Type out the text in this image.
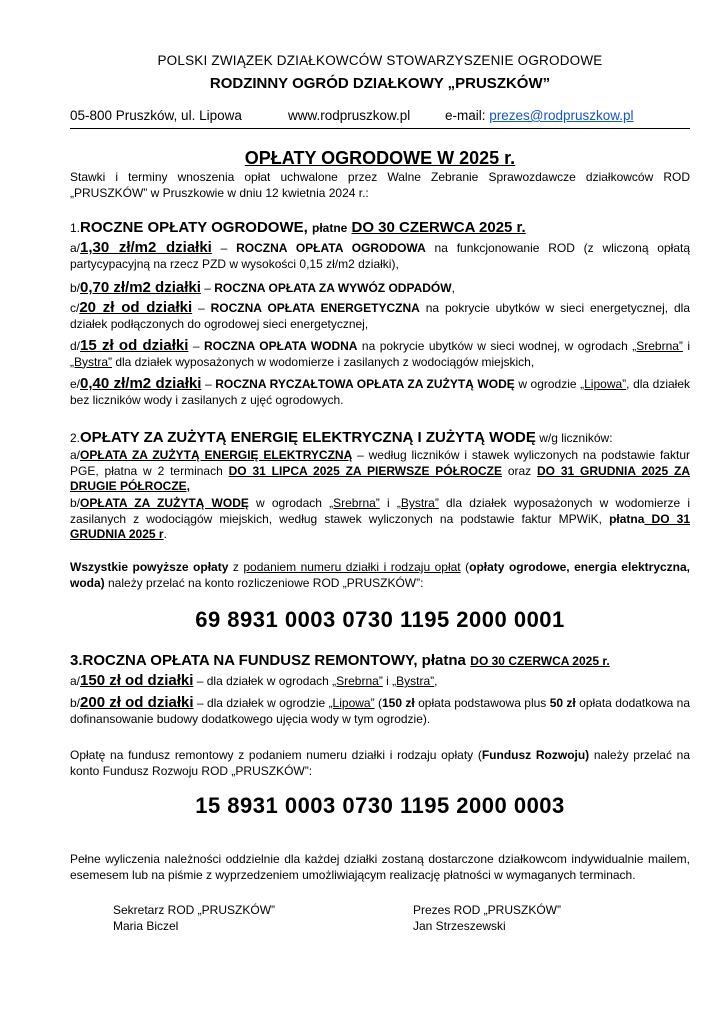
POLSKI ZWIĄZEK DZIAŁKOWCÓW STOWARZYSZENIE OGRODOWE
RODZINNY OGRÓD DZIAŁKOWY „PRUSZKÓW”
05-800 Pruszków, ul. Lipowa	www.rodpruszkow.pl	e-mail: prezes@rodpruszkow.pl
OPŁATY OGRODOWE W 2025 r.
Stawki i terminy wnoszenia opłat uchwalone przez Walne Zebranie Sprawozdawcze działkowców ROD „PRUSZKÓW” w Pruszkowie w dniu 12 kwietnia 2024 r.:
1.ROCZNE OPŁATY OGRODOWE, płatne DO 30 CZERWCA 2025 r.
a/1,30 zł/m2 działki – ROCZNA OPŁATA OGRODOWA na funkcjonowanie ROD (z wliczoną opłatą partycypacyjną na rzecz PZD w wysokości 0,15 zł/m2 działki),
b/0,70 zł/m2 działki – ROCZNA OPŁATA ZA WYWÓZ ODPADÓW,
c/20 zł od działki – ROCZNA OPŁATA ENERGETYCZNA na pokrycie ubytków w sieci energetycznej, dla działek podłączonych do ogrodowej sieci energetycznej,
d/15 zł od działki – ROCZNA OPŁATA WODNA na pokrycie ubytków w sieci wodnej, w ogrodach „Srebrna” i „Bystra” dla działek wyposażonych w wodomierze i zasilanych z wodociągów miejskich,
e/0,40 zł/m2 działki – ROCZNA RYCZAŁTOWA OPŁATA ZA ZUŻYTĄ WODĘ w ogrodzie „Lipowa”, dla działek bez liczników wody i zasilanych z ujęć ogrodowych.
2.OPŁATY ZA ZUŻYTĄ ENERGIĘ ELEKTRYCZNĄ I ZUŻYTĄ WODĘ w/g liczników:
a/OPŁATA ZA ZUŻYTĄ ENERGIĘ ELEKTRYCZNĄ – według liczników i stawek wyliczonych na podstawie faktur PGE, płatna w 2 terminach DO 31 LIPCA 2025 ZA PIERWSZE PÓŁROCZE oraz DO 31 GRUDNIA 2025 ZA DRUGIE PÓŁROCZE,
b/OPŁATA ZA ZUŻYTĄ WODĘ w ogrodach „Srebrna” i „Bystra” dla działek wyposażonych w wodomierze i zasilanych z wodociągów miejskich, według stawek wyliczonych na podstawie faktur MPWiK, płatna DO 31 GRUDNIA 2025 r.
Wszystkie powyższe opłaty z podaniem numeru działki i rodzaju opłat (opłaty ogrodowe, energia elektryczna, woda) należy przelać na konto rozliczeniowe ROD „PRUSZKÓW”:
69 8931 0003 0730 1195 2000 0001
3.ROCZNA OPŁATA NA FUNDUSZ REMONTOWY, płatna DO 30 CZERWCA 2025 r.
a/150 zł od działki – dla działek w ogrodach „Srebrna” i „Bystra”,
b/200 zł od działki – dla działek w ogrodzie „Lipowa” (150 zł opłata podstawowa plus 50 zł opłata dodatkowa na dofinansowanie budowy dodatkowego ujęcia wody w tym ogrodzie).
Opłatę na fundusz remontowy z podaniem numeru działki i rodzaju opłaty (Fundusz Rozwoju) należy przelać na konto Fundusz Rozwoju ROD „PRUSZKÓW”:
15 8931 0003 0730 1195 2000 0003
Pełne wyliczenia należności oddzielnie dla każdej działki zostaną dostarczone działkowcom indywidualnie mailem, esemesem lub na piśmie z wyprzedzeniem umożliwiającym realizację płatności w wymaganych terminach.
Sekretarz ROD „PRUSZKÓW”
Maria Biczel
Prezes ROD „PRUSZKÓW”
Jan Strzeszewski
